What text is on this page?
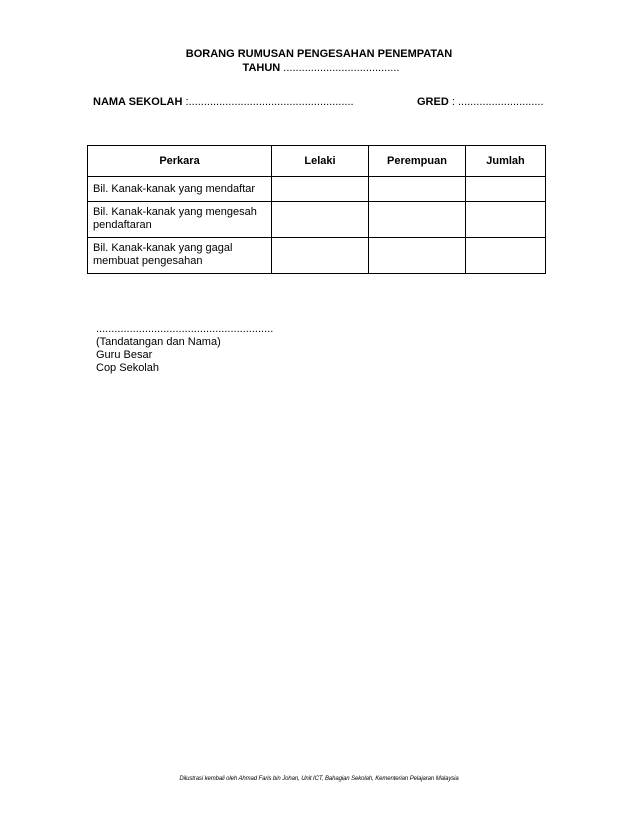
BORANG RUMUSAN PENGESAHAN PENEMPATAN
TAHUN ......................................
NAMA SEKOLAH :......................................................	GRED : ............................
Perkara	Lelaki	Perempuan	Jumlah
Bil. Kanak-kanak yang mendaftar			
Bil. Kanak-kanak yang mengesah pendaftaran			
Bil. Kanak-kanak yang gagal membuat pengesahan			
..........................................................
(Tandatangan dan Nama)
Guru Besar
Cop Sekolah
Dilustrasi kembali oleh Ahmad Faris bin Johan, Unit ICT, Bahagian Sekolah, Kementerian Pelajaran Malaysia
